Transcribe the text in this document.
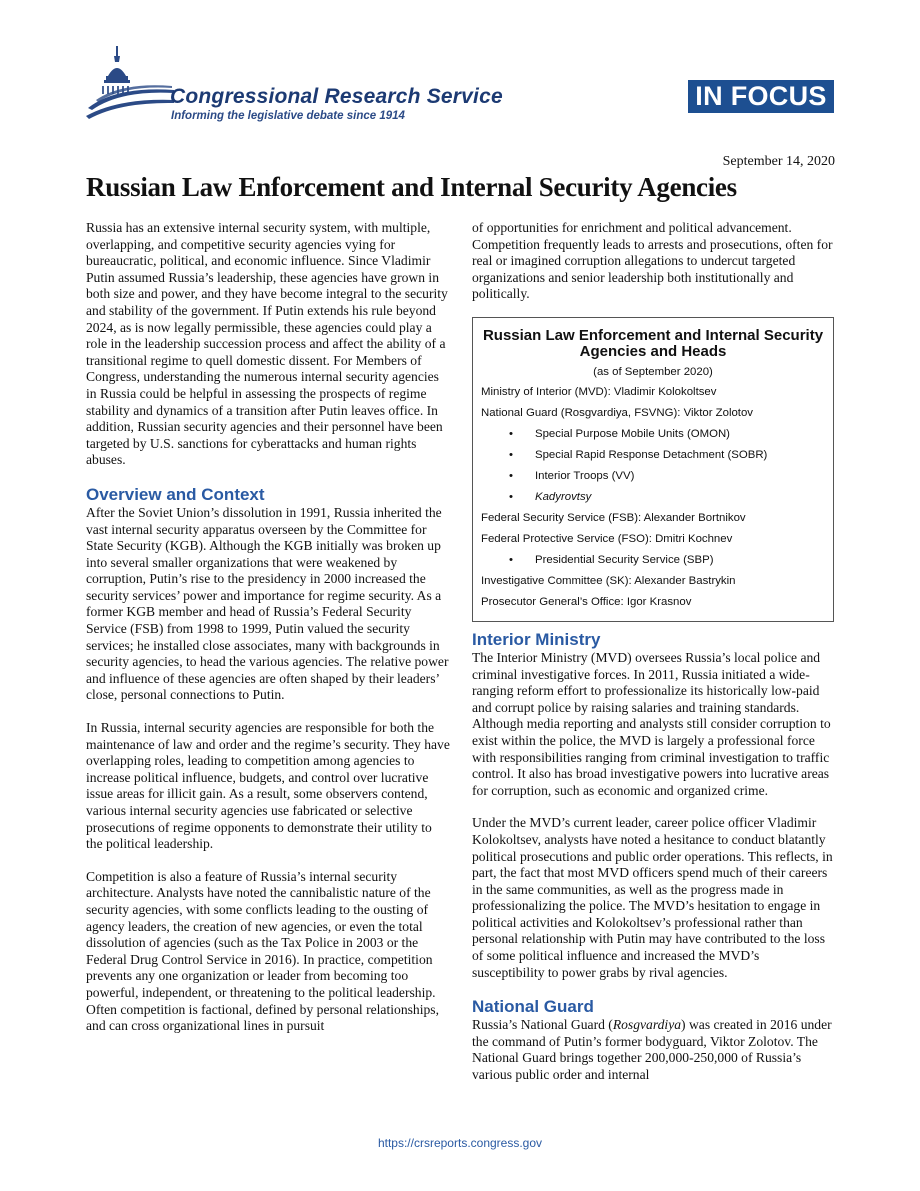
Congressional Research Service
Informing the legislative debate since 1914
IN FOCUS
September 14, 2020
Russian Law Enforcement and Internal Security Agencies

Russia has an extensive internal security system, with multiple, overlapping, and competitive security agencies vying for bureaucratic, political, and economic influence. Since Vladimir Putin assumed Russia’s leadership, these agencies have grown in both size and power, and they have become integral to the security and stability of the government. If Putin extends his rule beyond 2024, as is now legally permissible, these agencies could play a role in the leadership succession process and affect the ability of a transitional regime to quell domestic dissent. For Members of Congress, understanding the numerous internal security agencies in Russia could be helpful in assessing the prospects of regime stability and dynamics of a transition after Putin leaves office. In addition, Russian security agencies and their personnel have been targeted by U.S. sanctions for cyberattacks and human rights abuses.

Overview and Context

After the Soviet Union’s dissolution in 1991, Russia inherited the vast internal security apparatus overseen by the Committee for State Security (KGB). Although the KGB initially was broken up into several smaller organizations that were weakened by corruption, Putin’s rise to the presidency in 2000 increased the security services’ power and importance for regime security. As a former KGB member and head of Russia’s Federal Security Service (FSB) from 1998 to 1999, Putin valued the security services; he installed close associates, many with backgrounds in security agencies, to head the various agencies. The relative power and influence of these agencies are often shaped by their leaders’ close, personal connections to Putin.

In Russia, internal security agencies are responsible for both the maintenance of law and order and the regime’s security. They have overlapping roles, leading to competition among agencies to increase political influence, budgets, and control over lucrative issue areas for illicit gain. As a result, some observers contend, various internal security agencies use fabricated or selective prosecutions of regime opponents to demonstrate their utility to the political leadership.

Competition is also a feature of Russia’s internal security architecture. Analysts have noted the cannibalistic nature of the security agencies, with some conflicts leading to the ousting of agency leaders, the creation of new agencies, or even the total dissolution of agencies (such as the Tax Police in 2003 or the Federal Drug Control Service in 2016). In practice, competition prevents any one organization or leader from becoming too powerful, independent, or threatening to the political leadership. Often competition is factional, defined by personal relationships, and can cross organizational lines in pursuit

of opportunities for enrichment and political advancement. Competition frequently leads to arrests and prosecutions, often for real or imagined corruption allegations to undercut targeted organizations and senior leadership both institutionally and politically.

Russian Law Enforcement and Internal Security Agencies and Heads
(as of September 2020)
Ministry of Interior (MVD): Vladimir Kolokoltsev
National Guard (Rosgvardiya, FSVNG): Viktor Zolotov
• Special Purpose Mobile Units (OMON)
• Special Rapid Response Detachment (SOBR)
• Interior Troops (VV)
• Kadyrovtsy
Federal Security Service (FSB): Alexander Bortnikov
Federal Protective Service (FSO): Dmitri Kochnev
• Presidential Security Service (SBP)
Investigative Committee (SK): Alexander Bastrykin
Prosecutor General’s Office: Igor Krasnov
Interior Ministry

The Interior Ministry (MVD) oversees Russia’s local police and criminal investigative forces. In 2011, Russia initiated a wide-ranging reform effort to professionalize its historically low-paid and corrupt police by raising salaries and training standards. Although media reporting and analysts still consider corruption to exist within the police, the MVD is largely a professional force with responsibilities ranging from criminal investigation to traffic control. It also has broad investigative powers into lucrative areas for corruption, such as economic and organized crime.

Under the MVD’s current leader, career police officer Vladimir Kolokoltsev, analysts have noted a hesitance to conduct blatantly political prosecutions and public order operations. This reflects, in part, the fact that most MVD officers spend much of their careers in the same communities, as well as the progress made in professionalizing the police. The MVD’s hesitation to engage in political activities and Kolokoltsev’s professional rather than personal relationship with Putin may have contributed to the loss of some political influence and increased the MVD’s susceptibility to power grabs by rival agencies.

National Guard

Russia’s National Guard (Rosgvardiya) was created in 2016 under the command of Putin’s former bodyguard, Viktor Zolotov. The National Guard brings together 200,000-250,000 of Russia’s various public order and internal

https://crsreports.congress.gov
